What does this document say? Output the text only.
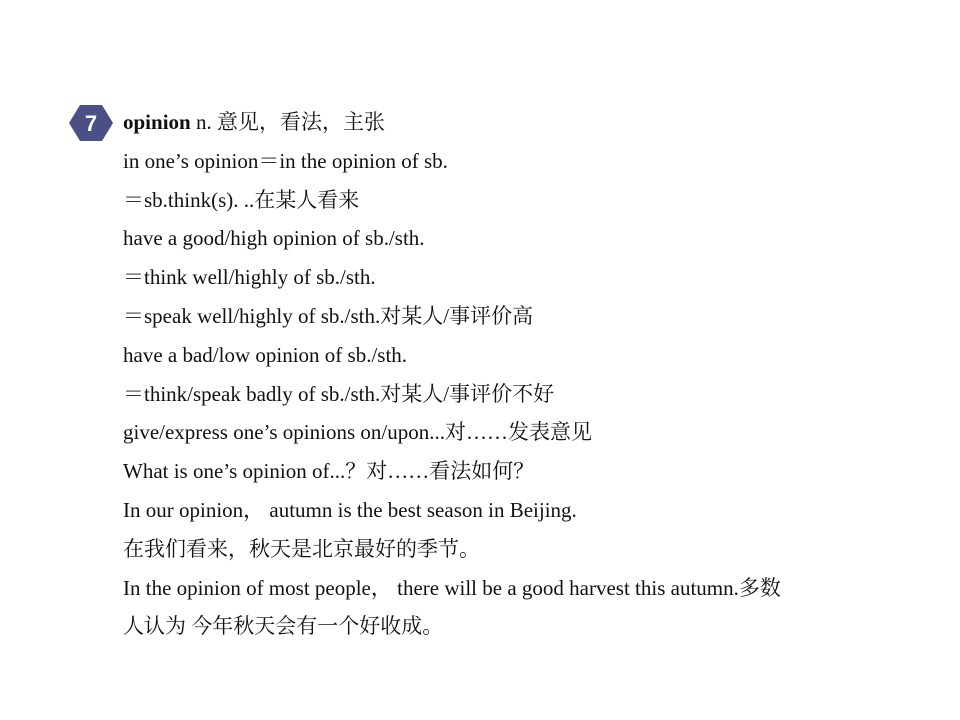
7 opinion n. 意见，看法，主张
in one’s opinion＝in the opinion of sb.
＝sb.think(s). ..在某人看来
have a good/high opinion of sb./sth.
＝think well/highly of sb./sth.
＝speak well/highly of sb./sth.对某人/事评价高
have a bad/low opinion of sb./sth.
＝think/speak badly of sb./sth.对某人/事评价不好
give/express one’s opinions on/upon...对……发表意见
What is one’s opinion of...？对……看法如何？
In our opinion， autumn is the best season in Beijing.
在我们看来，秋天是北京最好的季节。
In the opinion of most people， there will be a good harvest this autumn.多数
人认为 今年秋天会有一个好收成。
